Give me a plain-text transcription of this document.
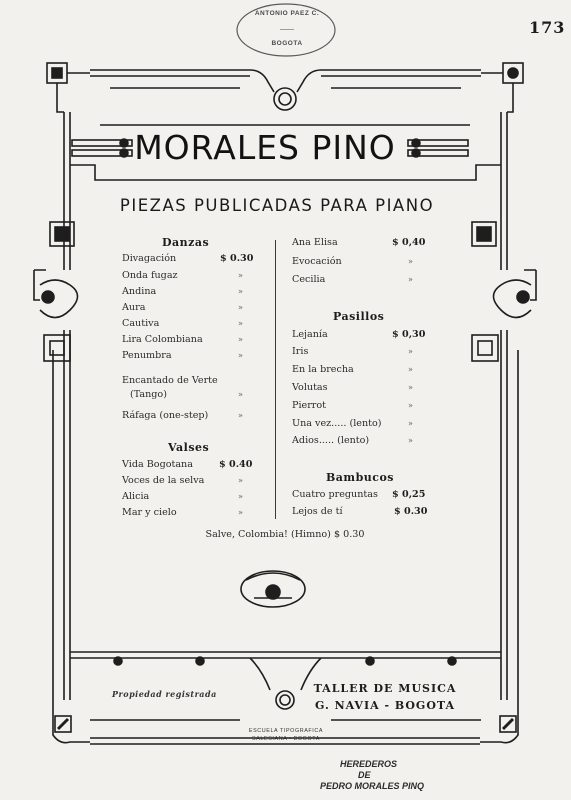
173
ANTONIO PAEZ C.
——
BOGOTA
MORALES PINO
PIEZAS PUBLICADAS PARA PIANO
Danzas
Divagación	$ 0.30
Onda fugaz	»
Andina	»
Aura	»
Cautiva	»
Lira Colombiana	»
Penumbra	»
Encantado de Verte
(Tango)	»
Ráfaga (one-step)	»
Valses
Vida Bogotana	$ 0.40
Voces de la selva	»
Alicia	»
Mar y cielo	»
Ana Elisa	$ 0,40
Evocación	»
Cecilia	»
Pasillos
Lejanía	$ 0,30
Iris	»
En la brecha	»
Volutas	»
Pierrot	»
Una vez..... (lento)	»
Adios..... (lento)	»
Bambucos
Cuatro preguntas $ 0,25
Lejos de tí	$ 0.30
Salve, Colombia! (Himno) $ 0.30
Propiedad registrada	TALLER DE MUSICA
G. NAVIA - BOGOTA
ESCUELA TIPOGRAFICA
SALESIANA - BOGOTA
HEREDEROS
DE
PEDRO MORALES PINQ
